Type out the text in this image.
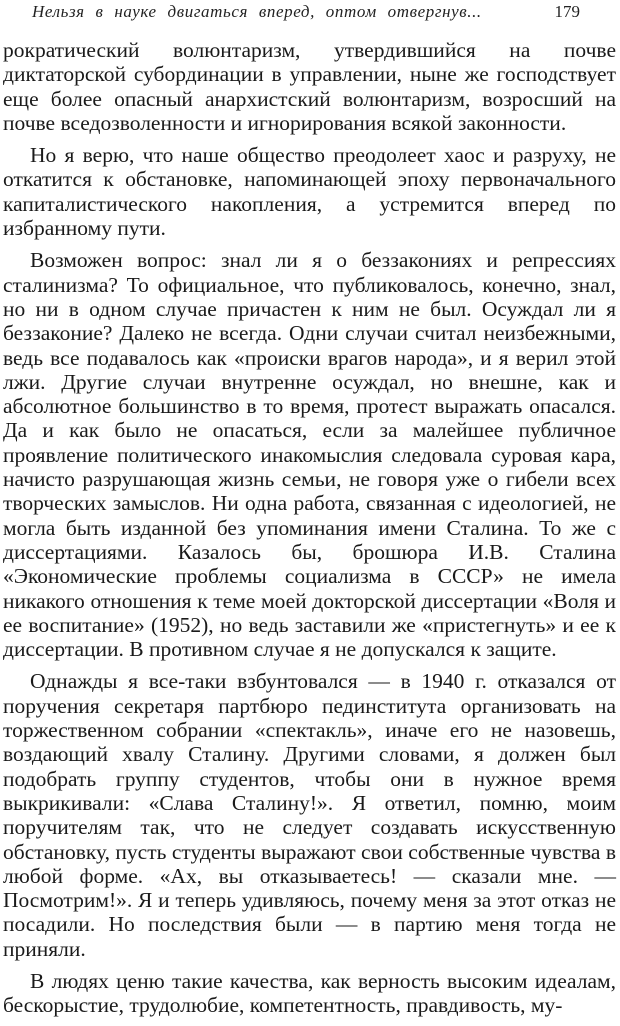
Нельзя в науке двигаться вперед, оптом отвергнув...	179

рократический волюнтаризм, утвердившийся на почве диктаторской субординации в управлении, ныне же господствует еще более опасный анархистский волюнтаризм, возросший на почве вседозволенности и игнорирования всякой законности.

Но я верю, что наше общество преодолеет хаос и разруху, не откатится к обстановке, напоминающей эпоху первоначального капиталистического накопления, а устремится вперед по избранному пути.

Возможен вопрос: знал ли я о беззакониях и репрессиях сталинизма? То официальное, что публиковалось, конечно, знал, но ни в одном случае причастен к ним не был. Осуждал ли я беззаконие? Далеко не всегда. Одни случаи считал неизбежными, ведь все подавалось как «происки врагов народа», и я верил этой лжи. Другие случаи внутренне осуждал, но внешне, как и абсолютное большинство в то время, протест выражать опасался. Да и как было не опасаться, если за малейшее публичное проявление политического инакомыслия следовала суровая кара, начисто разрушающая жизнь семьи, не говоря уже о гибели всех творческих замыслов. Ни одна работа, связанная с идеологией, не могла быть изданной без упоминания имени Сталина. То же с диссертациями. Казалось бы, брошюра И.В. Сталина «Экономические проблемы социализма в СССР» не имела никакого отношения к теме моей докторской диссертации «Воля и ее воспитание» (1952), но ведь заставили же «пристегнуть» и ее к диссертации. В противном случае я не допускался к защите.

Однажды я все-таки взбунтовался — в 1940 г. отказался от поручения секретаря партбюро пединститута организовать на торжественном собрании «спектакль», иначе его не назовешь, воздающий хвалу Сталину. Другими словами, я должен был подобрать группу студентов, чтобы они в нужное время выкрикивали: «Слава Сталину!». Я ответил, помню, моим поручителям так, что не следует создавать искусственную обстановку, пусть студенты выражают свои собственные чувства в любой форме. «Ах, вы отказываетесь! — сказали мне. — Посмотрим!». Я и теперь удивляюсь, почему меня за этот отказ не посадили. Но последствия были — в партию меня тогда не приняли.

В людях ценю такие качества, как верность высоким идеалам, бескорыстие, трудолюбие, компетентность, правдивость, му-
